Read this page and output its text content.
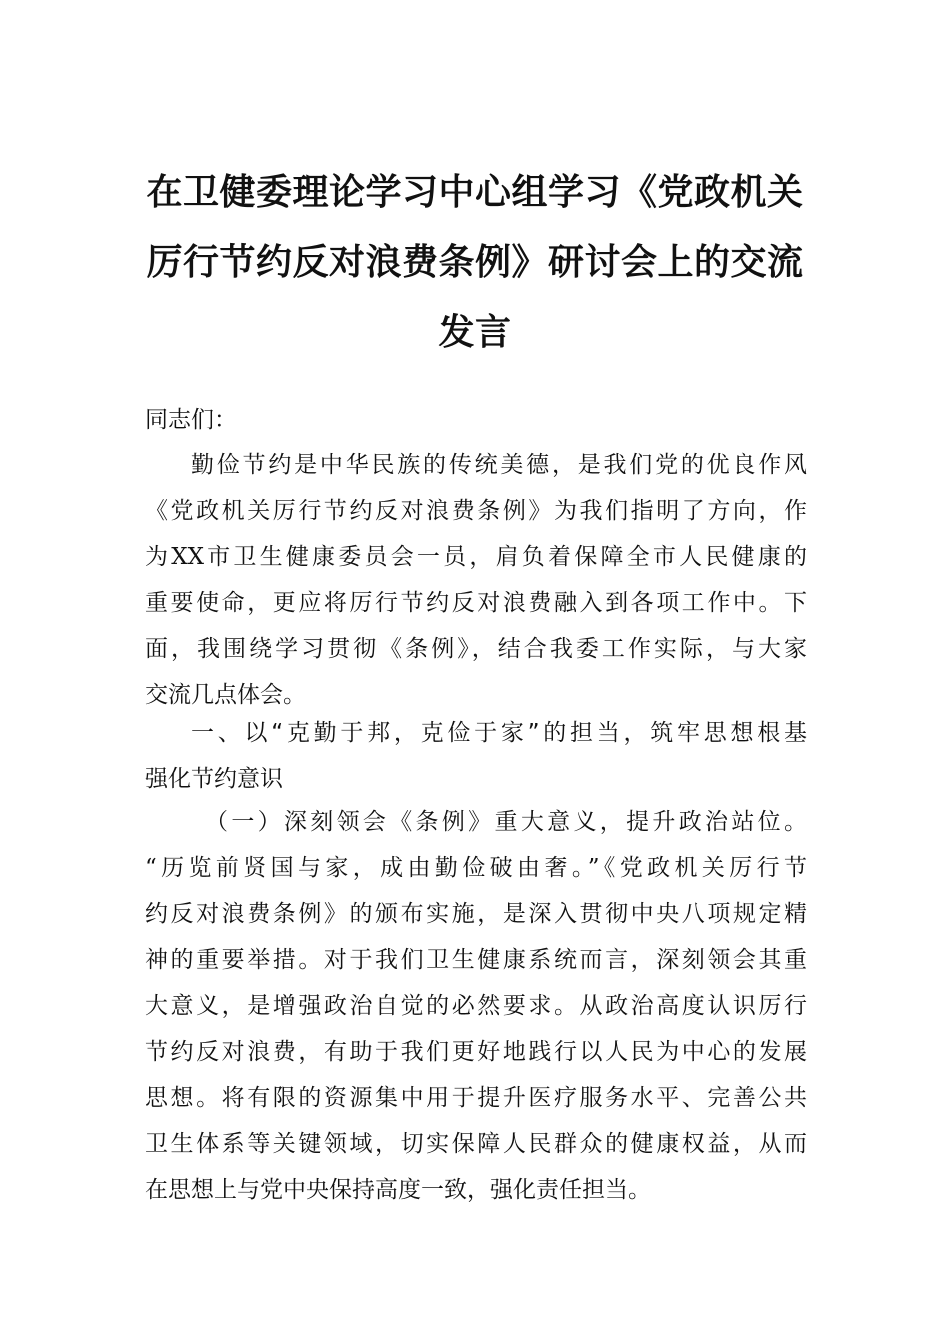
在卫健委理论学习中心组学习《党政机关
厉行节约反对浪费条例》研讨会上的交流
发言
同志们：
勤俭节约是中华民族的传统美德，是我们党的优良作风
《党政机关厉行节约反对浪费条例》为我们指明了方向，作
为XX市卫生健康委员会一员，肩负着保障全市人民健康的
重要使命，更应将厉行节约反对浪费融入到各项工作中。下
面，我围绕学习贯彻《条例》，结合我委工作实际，与大家
交流几点体会。
一、以“克勤于邦，克俭于家”的担当，筑牢思想根基
强化节约意识
（一）深刻领会《条例》重大意义，提升政治站位。
“历览前贤国与家，成由勤俭破由奢。”《党政机关厉行节
约反对浪费条例》的颁布实施，是深入贯彻中央八项规定精
神的重要举措。对于我们卫生健康系统而言，深刻领会其重
大意义，是增强政治自觉的必然要求。从政治高度认识厉行
节约反对浪费，有助于我们更好地践行以人民为中心的发展
思想。将有限的资源集中用于提升医疗服务水平、完善公共
卫生体系等关键领域，切实保障人民群众的健康权益，从而
在思想上与党中央保持高度一致，强化责任担当。
